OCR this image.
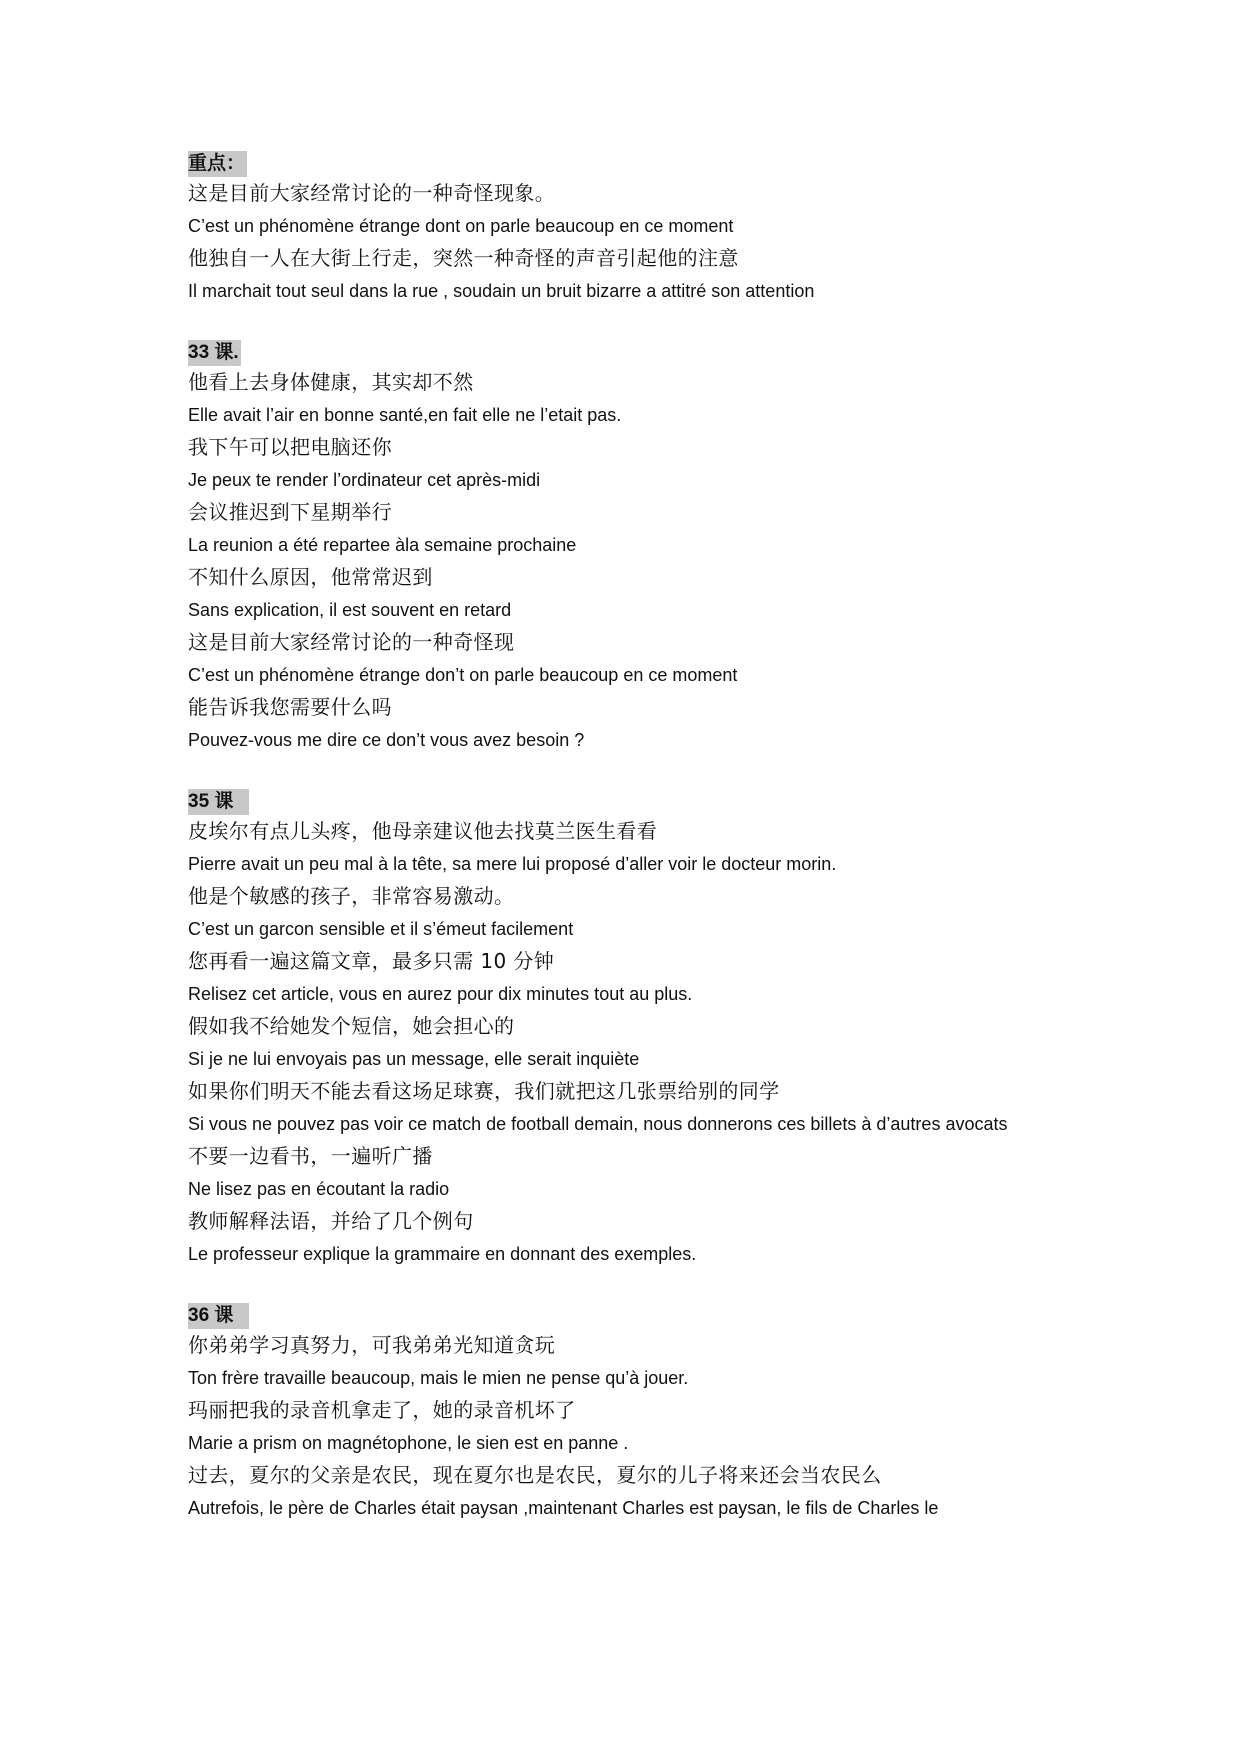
重点：

这是目前大家经常讨论的一种奇怪现象。

C’est un phénomène étrange dont on parle beaucoup en ce moment

他独自一人在大街上行走，突然一种奇怪的声音引起他的注意

Il marchait tout seul dans la rue , soudain un bruit bizarre a attitré son attention

33 课.

他看上去身体健康，其实却不然

Elle avait l’air en bonne santé,en fait elle ne l’etait pas.

我下午可以把电脑还你

Je peux te render l’ordinateur cet après-midi

会议推迟到下星期举行

La reunion a été repartee àla semaine prochaine

不知什么原因，他常常迟到

Sans explication, il est souvent en retard

这是目前大家经常讨论的一种奇怪现

C’est un phénomène étrange don’t on parle beaucoup en ce moment

能告诉我您需要什么吗

Pouvez-vous me dire ce don’t vous avez besoin ?

35 课

皮埃尔有点儿头疼，他母亲建议他去找莫兰医生看看

Pierre avait un peu mal à la tête, sa mere lui proposé d’aller voir le docteur morin.

他是个敏感的孩子，非常容易激动。

C’est un garcon sensible et il s’émeut facilement

您再看一遍这篇文章，最多只需 10 分钟

Relisez cet article, vous en aurez pour dix minutes tout au plus.

假如我不给她发个短信，她会担心的

Si je ne lui envoyais pas un message, elle serait inquiète

如果你们明天不能去看这场足球赛，我们就把这几张票给别的同学

Si vous ne pouvez pas voir ce match de football demain, nous donnerons ces billets à d’autres avocats

不要一边看书，一遍听广播

Ne lisez pas en écoutant la radio

教师解释法语，并给了几个例句

Le professeur explique la grammaire en donnant des exemples.

36 课

你弟弟学习真努力，可我弟弟光知道贪玩

Ton frère travaille beaucoup, mais le mien ne pense qu’à jouer.

玛丽把我的录音机拿走了，她的录音机坏了

Marie a prism on magnétophone, le sien est en panne .

过去，夏尔的父亲是农民，现在夏尔也是农民，夏尔的儿子将来还会当农民么

Autrefois, le père de Charles était paysan ,maintenant Charles est paysan, le fils de Charles le
